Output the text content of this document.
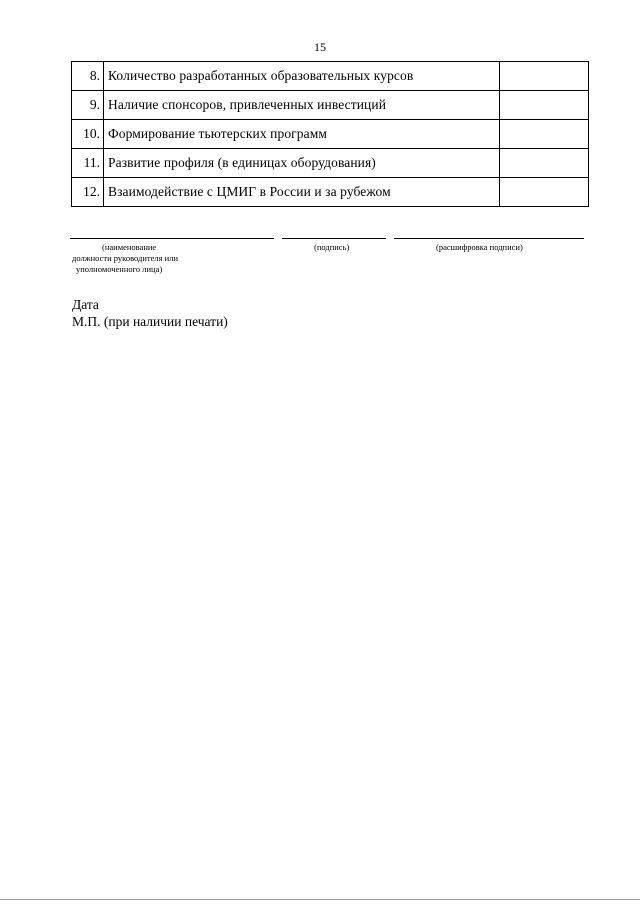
15
8.	Количество разработанных образовательных курсов	
9.	Наличие спонсоров, привлеченных инвестиций	
10.	Формирование тьютерских программ	
11.	Развитие профиля (в единицах оборудования)	
12.	Взаимодействие с ЦМИГ в России и за рубежом	
(наименование
должности руководителя или
уполномоченного лица)
(подпись)	(расшифровка подписи)
Дата
М.П. (при наличии печати)
